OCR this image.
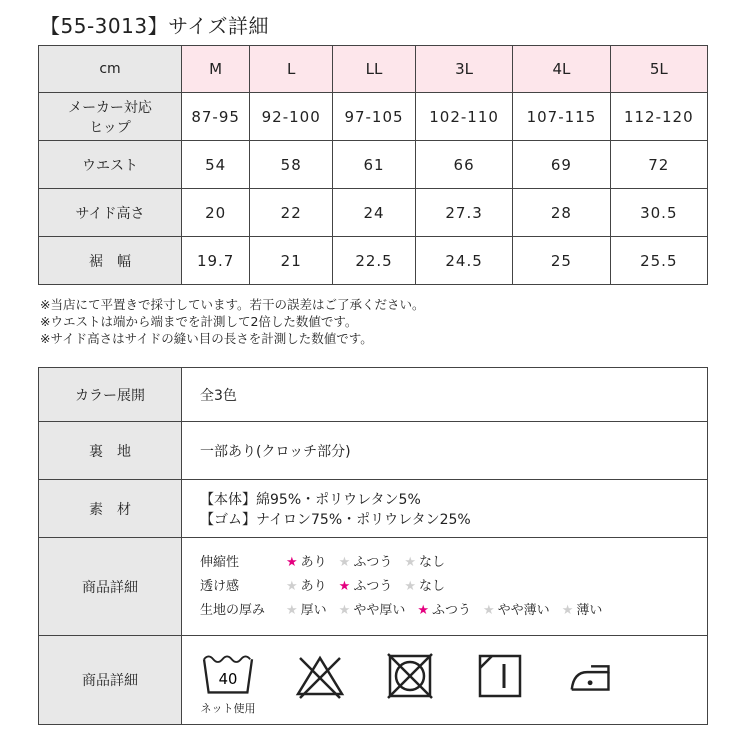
【55-3013】サイズ詳細
cm	M	L	LL	3L	4L	5L

メーカー対応
ヒップ	87-95	92-100	97-105	102-110	107-115	112-120
ウエスト	54	58	61	66	69	72
サイド高さ	20	22	24	27.3	28	30.5
裾　幅	19.7	21	22.5	24.5	25	25.5
※当店にて平置きで採寸しています。若干の誤差はご了承ください。
※ウエストは端から端までを計測して2倍した数値です。
※サイド高さはサイドの縫い目の長さを計測した数値です。
カラー展開	全3色
裏　地	一部あり(クロッチ部分)
素　材	【本体】綿95%・ポリウレタン5%
【ゴム】ナイロン75%・ポリウレタン25%

商品詳細	伸縮性 ★ あり ★ ふつう ★ なし
透け感 ★ あり ★ ふつう ★ なし
生地の厚み ★ 厚い ★ やや厚い ★ ふつう ★ やや薄い ★ 薄い

商品詳細	40
ネット使用
